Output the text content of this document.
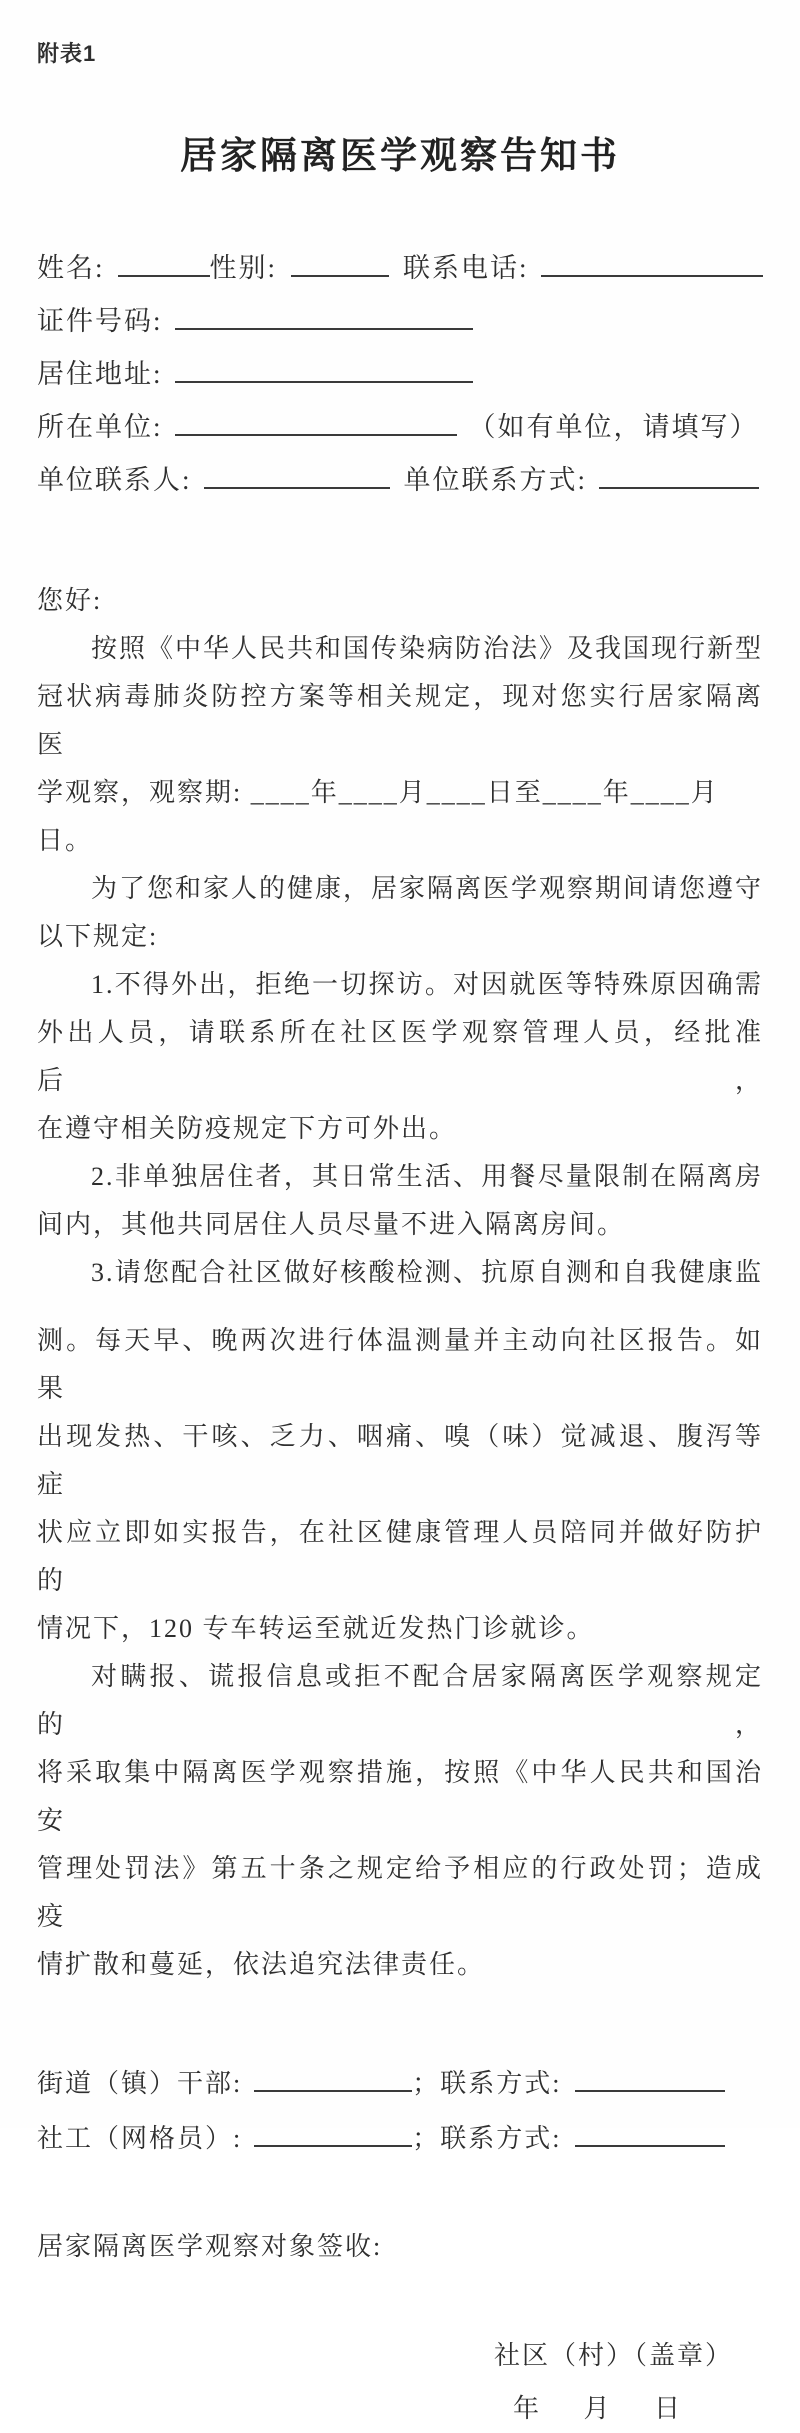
附表1
居家隔离医学观察告知书
姓名:	性别:	联系电话:
证件号码:
居住地址:
所在单位:	（如有单位，请填写）
单位联系人:	单位联系方式:
您好:
按照《中华人民共和国传染病防治法》及我国现行新型
冠状病毒肺炎防控方案等相关规定，现对您实行居家隔离医
学观察，观察期: ____年____月____日至____年____月
日。
为了您和家人的健康，居家隔离医学观察期间请您遵守
以下规定:
1.不得外出，拒绝一切探访。对因就医等特殊原因确需
外出人员，请联系所在社区医学观察管理人员，经批准后，
在遵守相关防疫规定下方可外出。
2.非单独居住者，其日常生活、用餐尽量限制在隔离房
间内，其他共同居住人员尽量不进入隔离房间。
3.请您配合社区做好核酸检测、抗原自测和自我健康监
测。每天早、晚两次进行体温测量并主动向社区报告。如果
出现发热、干咳、乏力、咽痛、嗅（味）觉减退、腹泻等症
状应立即如实报告，在社区健康管理人员陪同并做好防护的
情况下，120 专车转运至就近发热门诊就诊。
对瞒报、谎报信息或拒不配合居家隔离医学观察规定的，
将采取集中隔离医学观察措施，按照《中华人民共和国治安
管理处罚法》第五十条之规定给予相应的行政处罚；造成疫
情扩散和蔓延，依法追究法律责任。
街道（镇）干部:	；联系方式:
社工（网格员）:	；联系方式:
居家隔离医学观察对象签收:
社区（村）（盖章）
年     月     日
